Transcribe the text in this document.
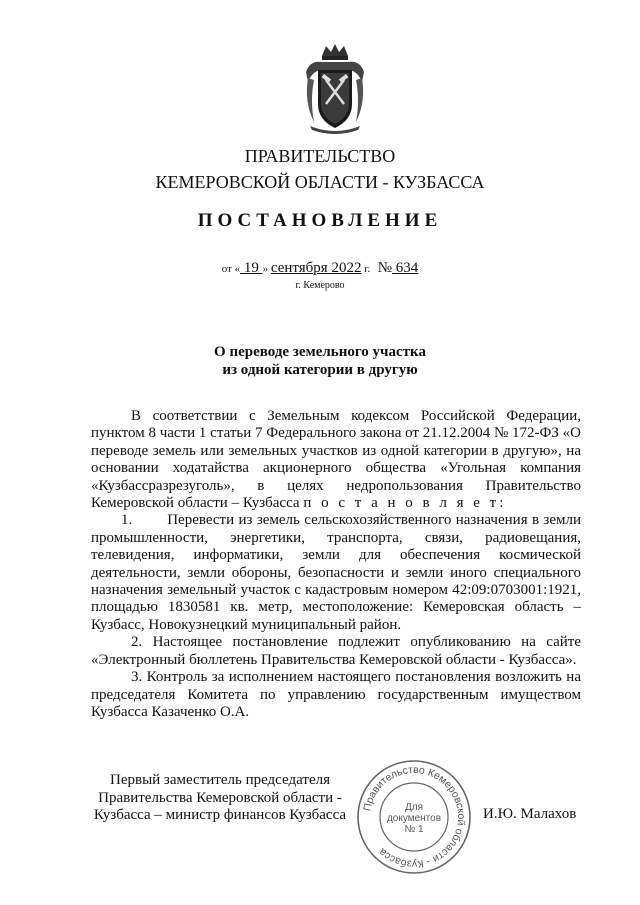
ПРАВИТЕЛЬСТВО
КЕМЕРОВСКОЙ ОБЛАСТИ - КУЗБАССА
ПОСТАНОВЛЕНИЕ
от « 19 » сентября 2022 г. № 634
г. Кемерово
О переводе земельного участка
из одной категории в другую

В соответствии с Земельным кодексом Российской Федерации, пунктом 8 части 1 статьи 7 Федерального закона от 21.12.2004 № 172-ФЗ «О переводе земель или земельных участков из одной категории в другую», на основании ходатайства акционерного общества «Угольная компания «Кузбассразрезуголь», в целях недропользования Правительство Кемеровской области – Кузбасса п о с т а н о в л я е т:

1. Перевести из земель сельскохозяйственного назначения в земли промышленности, энергетики, транспорта, связи, радиовещания, телевидения, информатики, земли для обеспечения космической деятельности, земли обороны, безопасности и земли иного специального назначения земельный участок с кадастровым номером 42:09:0703001:1921, площадью 1830581 кв. метр, местоположение: Кемеровская область – Кузбасс, Новокузнецкий муниципальный район.

2. Настоящее постановление подлежит опубликованию на сайте «Электронный бюллетень Правительства Кемеровской области - Кузбасса».

3. Контроль за исполнением настоящего постановления возложить на председателя Комитета по управлению государственным имуществом Кузбасса Казаченко О.А.

Первый заместитель председателя
Правительства Кемеровской области -
Кузбасса – министр финансов Кузбасса
Правительство Кемеровской области - Кузбасса
Для
документов
№ 1
И.Ю. Малахов
